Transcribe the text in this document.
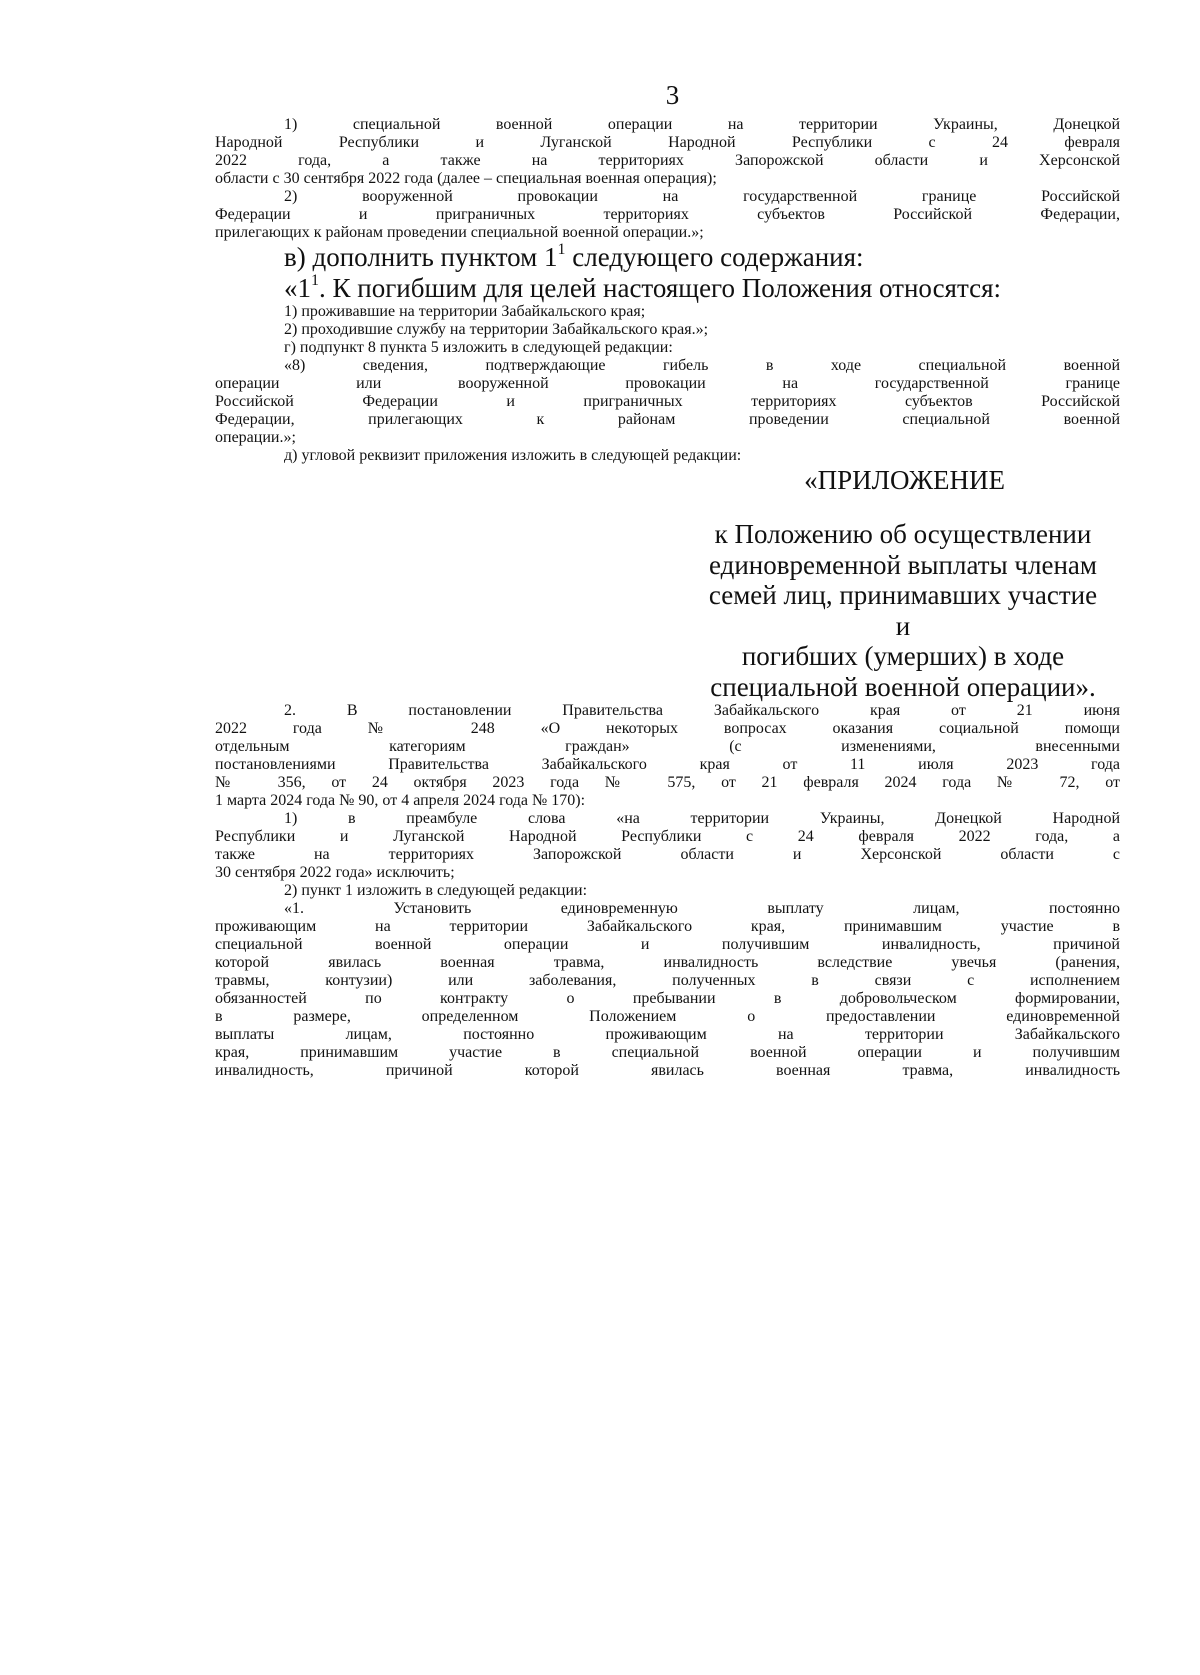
3
1) специальной военной операции на территории Украины, Донецкой
Народной Республики и Луганской Народной Республики с 24 февраля
2022 года, а также на территориях Запорожской области и Херсонской
области с 30 сентября 2022 года (далее – специальная военная операция);
2) вооруженной провокации на государственной границе Российской
Федерации и приграничных территориях субъектов Российской Федерации,
прилегающих к районам проведении специальной военной операции.»;
в) дополнить пунктом $1^1$ следующего содержания:
«$1^1$. К погибшим для целей настоящего Положения относятся:
1) проживавшие на территории Забайкальского края;
2) проходившие службу на территории Забайкальского края.»;
г) подпункт 8 пункта 5 изложить в следующей редакции:
«8) сведения, подтверждающие гибель в ходе специальной военной
операции или вооруженной провокации на государственной границе
Российской Федерации и приграничных территориях субъектов Российской
Федерации, прилегающих к районам проведении специальной военной
операции.»;
д) угловой реквизит приложения изложить в следующей редакции:
«ПРИЛОЖЕНИЕ
к Положению об осуществлении
единовременной выплаты членам
семей лиц, принимавших участие и
погибших (умерших) в ходе
специальной военной операции».
2. В постановлении Правительства Забайкальского края от 21 июня
2022 года № 248 «О некоторых вопросах оказания социальной помощи
отдельным категориям граждан» (с изменениями, внесенными
постановлениями Правительства Забайкальского края от 11 июля 2023 года
№ 356, от 24 октября 2023 года № 575, от 21 февраля 2024 года № 72, от
1 марта 2024 года № 90, от 4 апреля 2024 года № 170):
1) в преамбуле слова «на территории Украины, Донецкой Народной
Республики и Луганской Народной Республики с 24 февраля 2022 года, а
также на территориях Запорожской области и Херсонской области с
30 сентября 2022 года» исключить;
2) пункт 1 изложить в следующей редакции:
«1. Установить единовременную выплату лицам, постоянно
проживающим на территории Забайкальского края, принимавшим участие в
специальной военной операции и получившим инвалидность, причиной
которой явилась военная травма, инвалидность вследствие увечья (ранения,
травмы, контузии) или заболевания, полученных в связи с исполнением
обязанностей по контракту о пребывании в добровольческом формировании,
в размере, определенном Положением о предоставлении единовременной
выплаты лицам, постоянно проживающим на территории Забайкальского
края, принимавшим участие в специальной военной операции и получившим
инвалидность, причиной которой явилась военная травма, инвалидность
